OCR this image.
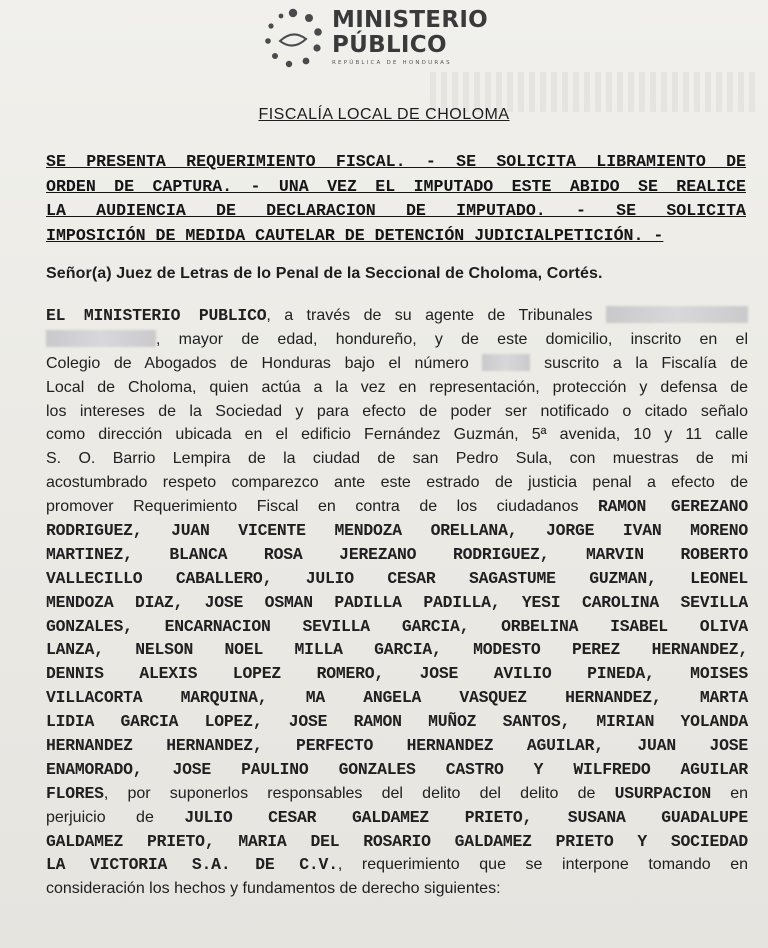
MINISTERIO
PÚBLICO
REPÚBLICA DE HONDURAS
FISCALÍA LOCAL DE CHOLOMA
SE PRESENTA REQUERIMIENTO FISCAL. - SE SOLICITA LIBRAMIENTO DE
ORDEN DE CAPTURA. - UNA VEZ EL IMPUTADO ESTE ABIDO SE REALICE
LA AUDIENCIA DE DECLARACION DE IMPUTADO. - SE SOLICITA
IMPOSICIÓN DE MEDIDA CAUTELAR DE DETENCIÓN JUDICIALPETICIÓN. -
Señor(a) Juez de Letras de lo Penal de la Seccional de Choloma, Cortés.
EL MINISTERIO PUBLICO, a través de su agente de Tribunales
, mayor de edad, hondureño, y de este domicilio, inscrito en el
Colegio de Abogados de Honduras bajo el número	suscrito a la Fiscalía de
Local de Choloma, quien actúa a la vez en representación, protección y defensa de
los intereses de la Sociedad y para efecto de poder ser notificado o citado señalo
como dirección ubicada en el edificio Fernández Guzmán, 5ª avenida, 10 y 11 calle
S. O. Barrio Lempira de la ciudad de san Pedro Sula, con muestras de mi
acostumbrado respeto comparezco ante este estrado de justicia penal a efecto de
promover Requerimiento Fiscal en contra de los ciudadanos RAMON GEREZANO
RODRIGUEZ, JUAN VICENTE MENDOZA ORELLANA, JORGE IVAN MORENO
MARTINEZ, BLANCA ROSA JEREZANO RODRIGUEZ, MARVIN ROBERTO
VALLECILLO CABALLERO, JULIO CESAR SAGASTUME GUZMAN, LEONEL
MENDOZA DIAZ, JOSE OSMAN PADILLA PADILLA, YESI CAROLINA SEVILLA
GONZALES, ENCARNACION SEVILLA GARCIA, ORBELINA ISABEL OLIVA
LANZA, NELSON NOEL MILLA GARCIA, MODESTO PEREZ HERNANDEZ,
DENNIS ALEXIS LOPEZ ROMERO, JOSE AVILIO PINEDA, MOISES
VILLACORTA MARQUINA, MA ANGELA VASQUEZ HERNANDEZ, MARTA
LIDIA GARCIA LOPEZ, JOSE RAMON MUÑOZ SANTOS, MIRIAN YOLANDA
HERNANDEZ HERNANDEZ, PERFECTO HERNANDEZ AGUILAR, JUAN JOSE
ENAMORADO, JOSE PAULINO GONZALES CASTRO Y WILFREDO AGUILAR
FLORES, por suponerlos responsables del delito del delito de USURPACION en
perjuicio de JULIO CESAR GALDAMEZ PRIETO, SUSANA GUADALUPE
GALDAMEZ PRIETO, MARIA DEL ROSARIO GALDAMEZ PRIETO Y SOCIEDAD
LA VICTORIA S.A. DE C.V., requerimiento que se interpone tomando en
consideración los hechos y fundamentos de derecho siguientes:
